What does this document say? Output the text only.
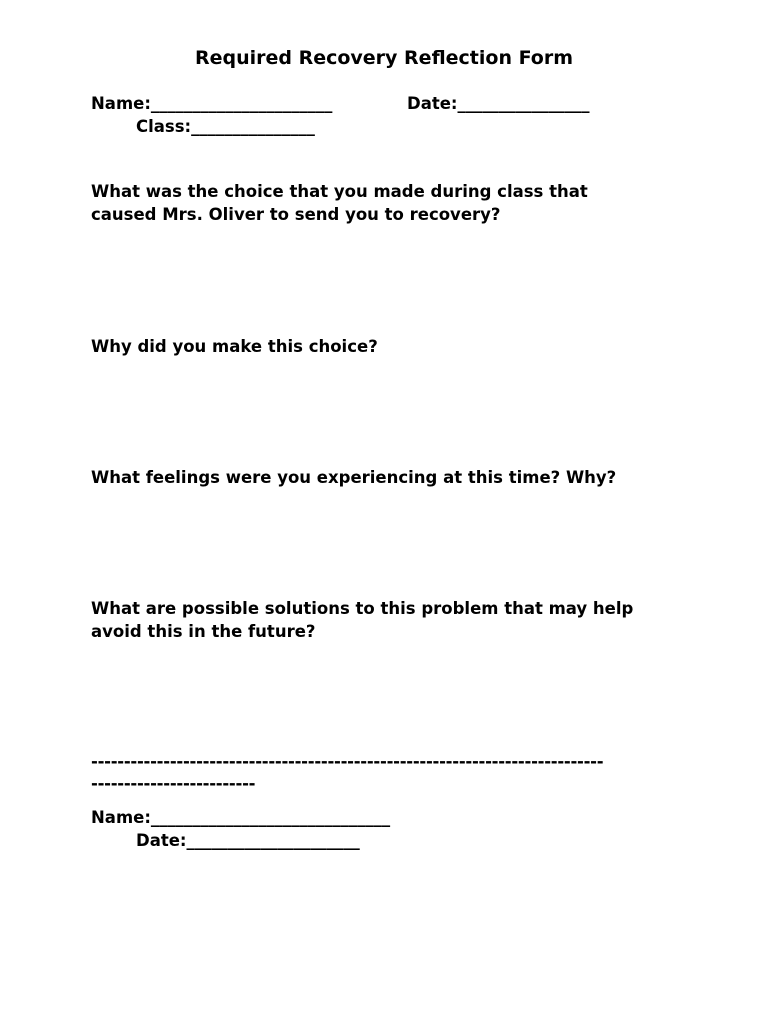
Required Recovery Reflection Form
Name:______________________	Date:________________
Class:_______________
What was the choice that you made during class that
caused Mrs. Oliver to send you to recovery?
Why did you make this choice?
What feelings were you experiencing at this time? Why?
What are possible solutions to this problem that may help
avoid this in the future?
------------------------------------------------------------------------------
-------------------------
Name:_____________________________
Date:_____________________
